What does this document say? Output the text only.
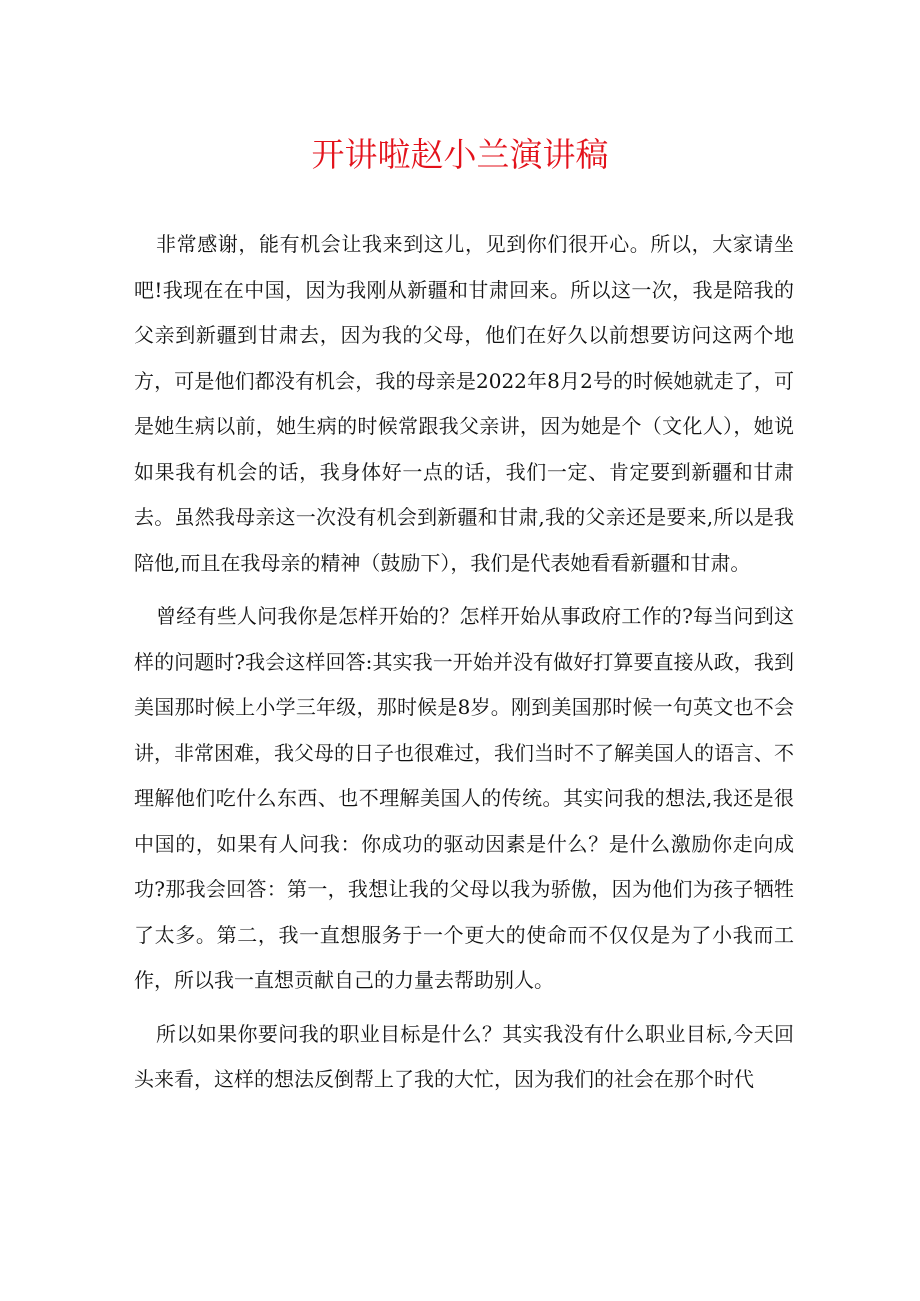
开讲啦赵小兰演讲稿

非常感谢，能有机会让我来到这儿，见到你们很开心。所以，大家请坐吧!我现在在中国，因为我刚从新疆和甘肃回来。所以这一次，我是陪我的父亲到新疆到甘肃去，因为我的父母，他们在好久以前想要访问这两个地方，可是他们都没有机会，我的母亲是2022年8月2号的时候她就走了，可是她生病以前，她生病的时候常跟我父亲讲，因为她是个（文化人），她说如果我有机会的话，我身体好一点的话，我们一定、肯定要到新疆和甘肃去。虽然我母亲这一次没有机会到新疆和甘肃,我的父亲还是要来,所以是我陪他,而且在我母亲的精神（鼓励下），我们是代表她看看新疆和甘肃。

曾经有些人问我你是怎样开始的？怎样开始从事政府工作的?每当问到这样的问题时?我会这样回答:其实我一开始并没有做好打算要直接从政，我到美国那时候上小学三年级，那时候是8岁。刚到美国那时候一句英文也不会讲，非常困难，我父母的日子也很难过，我们当时不了解美国人的语言、不理解他们吃什么东西、也不理解美国人的传统。其实问我的想法,我还是很中国的，如果有人问我：你成功的驱动因素是什么？是什么激励你走向成功?那我会回答：第一，我想让我的父母以我为骄傲，因为他们为孩子牺牲了太多。第二，我一直想服务于一个更大的使命而不仅仅是为了小我而工作，所以我一直想贡献自己的力量去帮助别人。

所以如果你要问我的职业目标是什么？其实我没有什么职业目标,今天回头来看，这样的想法反倒帮上了我的大忙，因为我们的社会在那个时代
